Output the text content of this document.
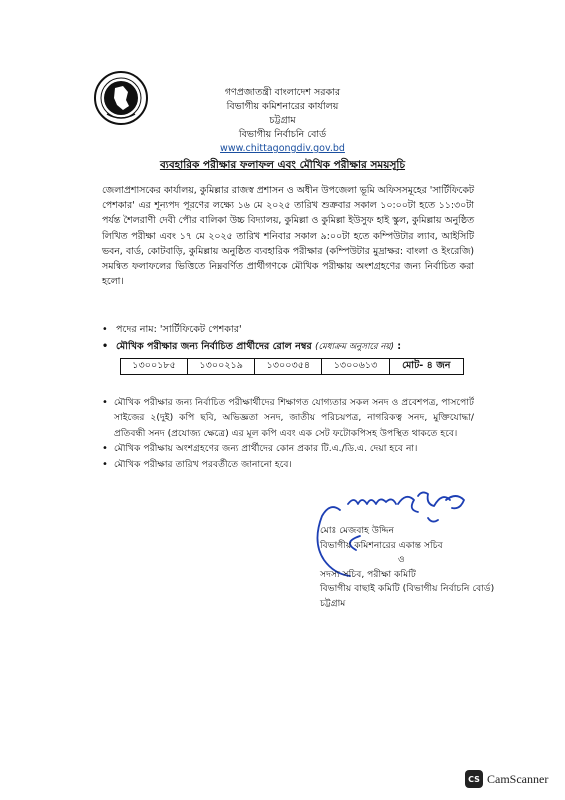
গণপ্রজাতন্ত্রী বাংলাদেশ সরকার
বিভাগীয় কমিশনারের কার্যালয়
চট্টগ্রাম
বিভাগীয় নির্বাচনি বোর্ড
www.chittagongdiv.gov.bd
ব্যবহারিক পরীক্ষার ফলাফল এবং মৌখিক পরীক্ষার সময়সূচি
জেলাপ্রশাসকের কার্যালয়, কুমিল্লার রাজস্ব প্রশাসন ও অধীন উপজেলা ভূমি অফিসসমূহের 'সার্টিফিকেট পেশকার' এর শূন্যপদ পূরণের লক্ষ্যে ১৬ মে ২০২৫ তারিখ শুক্রবার সকাল ১০:০০টা হতে ১১:৩০টা পর্যন্ত শৈলরাণী দেবী পৌর বালিকা উচ্চ বিদ্যালয়, কুমিল্লা ও কুমিল্লা ইউসুফ হাই স্কুল, কুমিল্লায় অনুষ্ঠিত লিখিত পরীক্ষা এবং ১৭ মে ২০২৫ তারিখ শনিবার সকাল ৯:০০টা হতে কম্পিউটার ল্যাব, আইসিটি ভবন, বার্ড, কোটবাড়ি, কুমিল্লায় অনুষ্ঠিত ব্যবহারিক পরীক্ষার (কম্পিউটার মুদ্রাক্ষর: বাংলা ও ইংরেজি) সমন্বিত ফলাফলের ভিত্তিতে নিম্নবর্ণিত প্রার্থীগণকে মৌখিক পরীক্ষায় অংশগ্রহণের জন্য নির্বাচিত করা হলো।
• পদের নাম: 'সার্টিফিকেট পেশকার'
• মৌখিক পরীক্ষার জন্য নির্বাচিত প্রার্থীদের রোল নম্বর (মেধাক্রম অনুসারে নয়) :
১৩০০১৮৫	১৩০০২১৯	১৩০০৩৫৪	১৩০০৬১৩	মোট- ৪ জন
• মৌখিক পরীক্ষার জন্য নির্বাচিত পরীক্ষার্থীদের শিক্ষাগত যোগ্যতার সকল সনদ ও প্রবেশপত্র, পাসপোর্ট সাইজের ২(দুই) কপি ছবি, অভিজ্ঞতা সনদ, জাতীয় পরিচয়পত্র, নাগরিকত্ব সনদ, মুক্তিযোদ্ধা/ প্রতিবন্ধী সনদ (প্রযোজ্য ক্ষেত্রে) এর মূল কপি এবং এক সেট ফটোকপিসহ উপস্থিত থাকতে হবে।
• মৌখিক পরীক্ষায় অংশগ্রহণের জন্য প্রার্থীদের কোন প্রকার টি.এ./ডি.এ. দেয়া হবে না।
• মৌখিক পরীক্ষার তারিখ পরবর্তীতে জানানো হবে।
মোঃ মেজবাহ উদ্দিন
বিভাগীয় কমিশনারের একান্ত সচিব
ও
সদস্য সচিব, পরীক্ষা কমিটি
বিভাগীয় বাছাই কমিটি (বিভাগীয় নির্বাচনি বোর্ড)
চট্টগ্রাম
CS CamScanner
